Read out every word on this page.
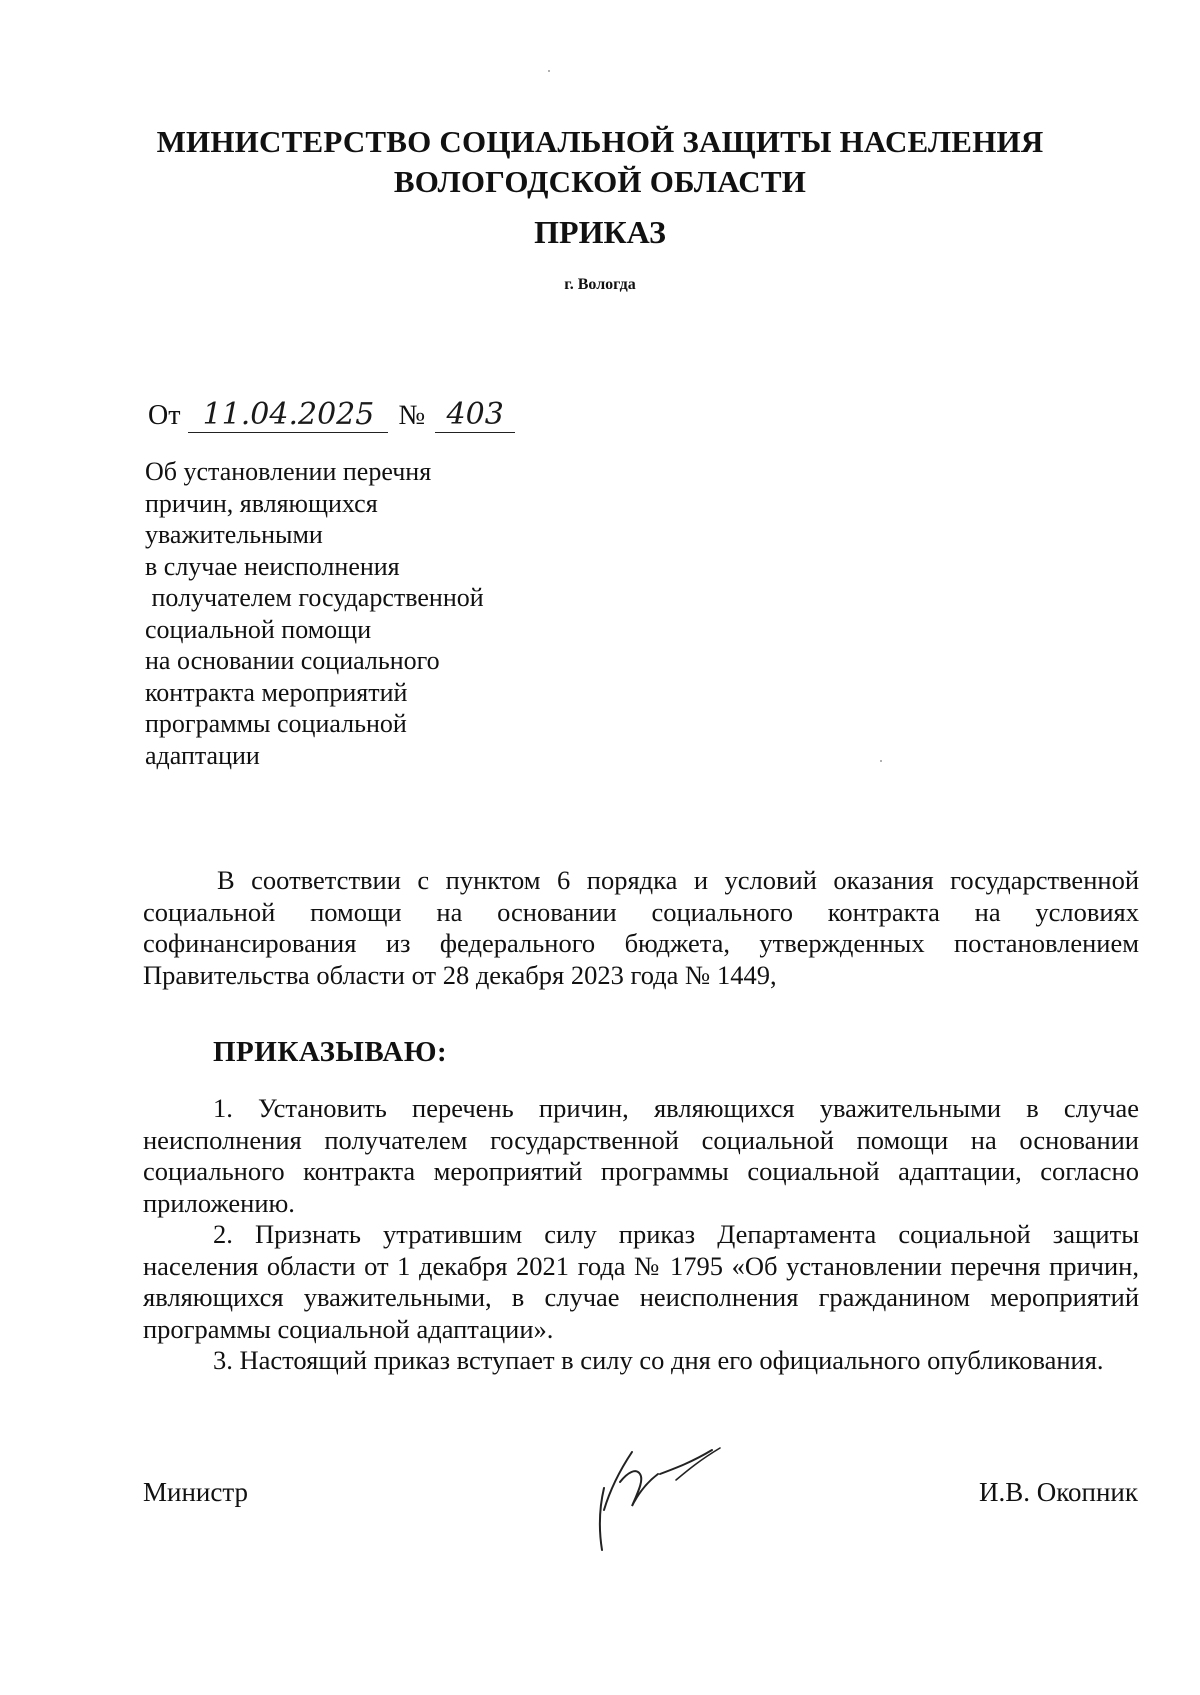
МИНИСТЕРСТВО СОЦИАЛЬНОЙ ЗАЩИТЫ НАСЕЛЕНИЯ
ВОЛОГОДСКОЙ ОБЛАСТИ
ПРИКАЗ
г. Вологда
От 11.04.2025 № 403
Об установлении перечня
причин, являющихся
уважительными
в случае неисполнения
получателем государственной
социальной помощи
на основании социального
контракта мероприятий
программы социальной
адаптации

В соответствии с пунктом 6 порядка и условий оказания государственной социальной помощи на основании социального контракта на условиях софинансирования из федерального бюджета, утвержденных постановлением Правительства области от 28 декабря 2023 года № 1449,

ПРИКАЗЫВАЮ:

1. Установить перечень причин, являющихся уважительными в случае неисполнения получателем государственной социальной помощи на основании социального контракта мероприятий программы социальной адаптации, согласно приложению.

2. Признать утратившим силу приказ Департамента социальной защиты населения области от 1 декабря 2021 года № 1795 «Об установлении перечня причин, являющихся уважительными, в случае неисполнения гражданином мероприятий программы социальной адаптации».

3. Настоящий приказ вступает в силу со дня его официального опубликования.

Министр	И.В. Окопник
